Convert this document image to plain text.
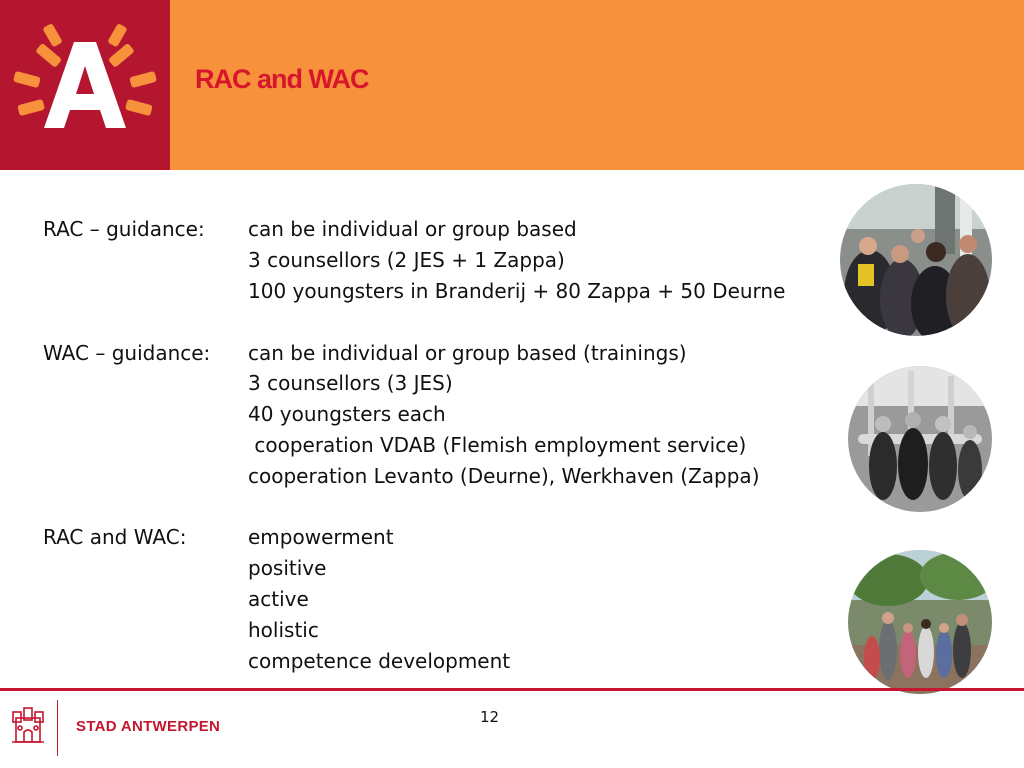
RAC and WAC
RAC – guidance:	can be individual or group based
3 counsellors (2 JES + 1 Zappa)
100 youngsters in Branderij + 80 Zappa + 50 Deurne
WAC – guidance:	can be individual or group based (trainings)
3 counsellors (3 JES)
40 youngsters each
cooperation VDAB (Flemish employment service)
cooperation Levanto (Deurne), Werkhaven (Zappa)
RAC and WAC:	empowerment
positive
active
holistic
competence development
STAD ANTWERPEN
12
